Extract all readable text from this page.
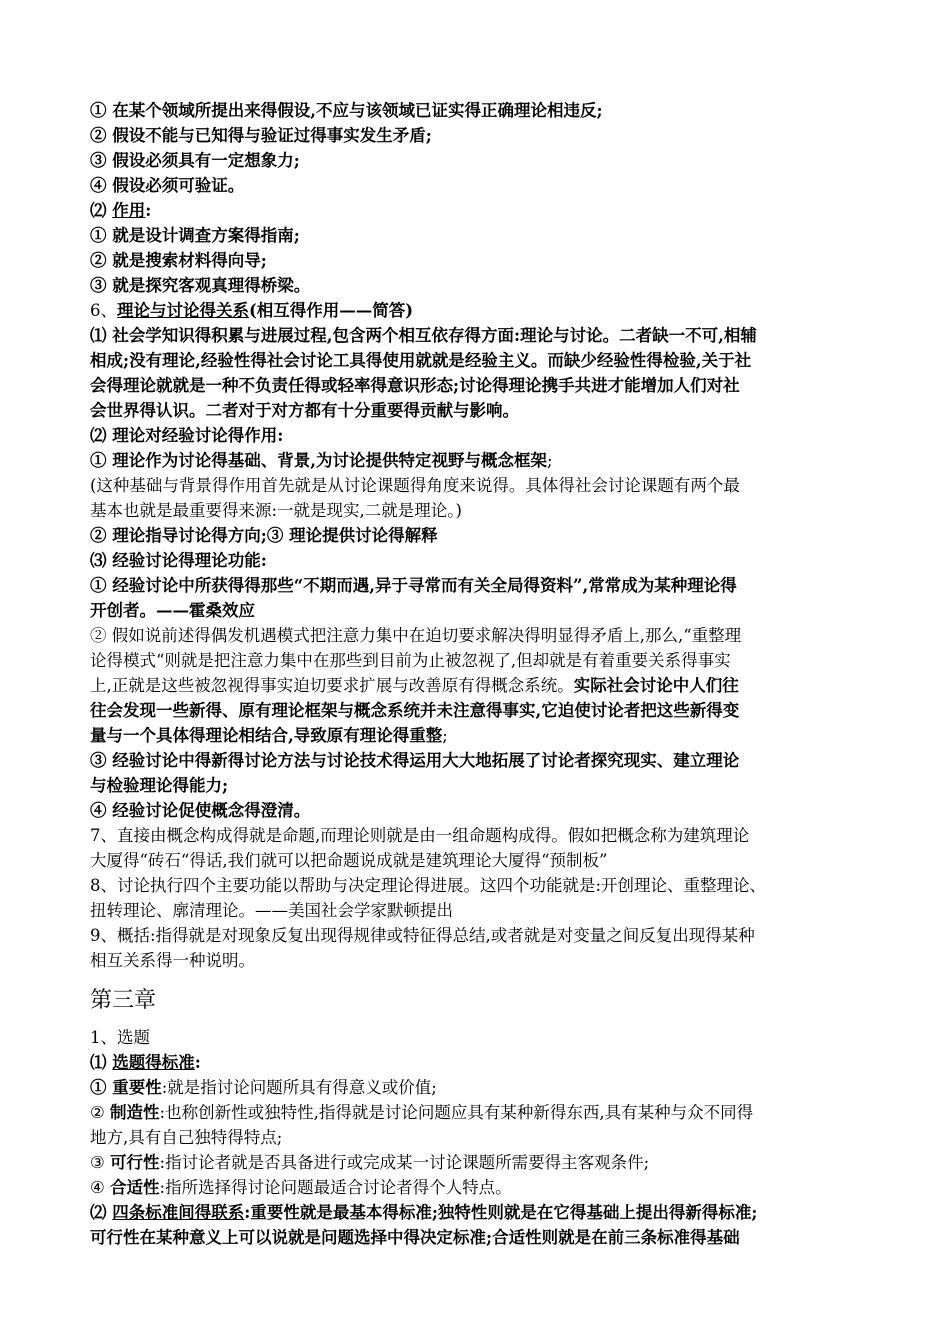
① 在某个领域所提出来得假设,不应与该领域已证实得正确理论相违反;
② 假设不能与已知得与验证过得事实发生矛盾;
③ 假设必须具有一定想象力;
④ 假设必须可验证。
⑵ 作用:
① 就是设计调查方案得指南;
② 就是搜索材料得向导;
③ 就是探究客观真理得桥梁。
6、理论与讨论得关系(相互得作用——简答)
⑴ 社会学知识得积累与进展过程,包含两个相互依存得方面:理论与讨论。二者缺一不可,相辅
相成;没有理论,经验性得社会讨论工具得使用就就是经验主义。而缺少经验性得检验,关于社
会得理论就就是一种不负责任得或轻率得意识形态;讨论得理论携手共进才能增加人们对社
会世界得认识。二者对于对方都有十分重要得贡献与影响。
⑵ 理论对经验讨论得作用:
① 理论作为讨论得基础、背景,为讨论提供特定视野与概念框架;
(这种基础与背景得作用首先就是从讨论课题得角度来说得。具体得社会讨论课题有两个最
基本也就是最重要得来源:一就是现实,二就是理论。)
② 理论指导讨论得方向;③ 理论提供讨论得解释
⑶ 经验讨论得理论功能:
① 经验讨论中所获得得那些“不期而遇,异于寻常而有关全局得资料”,常常成为某种理论得
开创者。——霍桑效应
② 假如说前述得偶发机遇模式把注意力集中在迫切要求解决得明显得矛盾上,那么,“重整理
论得模式“则就是把注意力集中在那些到目前为止被忽视了,但却就是有着重要关系得事实
上,正就是这些被忽视得事实迫切要求扩展与改善原有得概念系统。实际社会讨论中人们往
往会发现一些新得、原有理论框架与概念系统并未注意得事实,它迫使讨论者把这些新得变
量与一个具体得理论相结合,导致原有理论得重整;
③ 经验讨论中得新得讨论方法与讨论技术得运用大大地拓展了讨论者探究现实、建立理论
与检验理论得能力;
④ 经验讨论促使概念得澄清。
7、直接由概念构成得就是命题,而理论则就是由一组命题构成得。假如把概念称为建筑理论
大厦得“砖石“得话,我们就可以把命题说成就是建筑理论大厦得“预制板”
8、讨论执行四个主要功能以帮助与决定理论得进展。这四个功能就是:开创理论、重整理论、
扭转理论、廓清理论。——美国社会学家默顿提出
9、概括:指得就是对现象反复出现得规律或特征得总结,或者就是对变量之间反复出现得某种
相互关系得一种说明。
第三章
1、选题
⑴ 选题得标准:
① 重要性:就是指讨论问题所具有得意义或价值;
② 制造性:也称创新性或独特性,指得就是讨论问题应具有某种新得东西,具有某种与众不同得
地方,具有自己独特得特点;
③ 可行性:指讨论者就是否具备进行或完成某一讨论课题所需要得主客观条件;
④ 合适性:指所选择得讨论问题最适合讨论者得个人特点。
⑵ 四条标准间得联系:重要性就是最基本得标准;独特性则就是在它得基础上提出得新得标准;
可行性在某种意义上可以说就是问题选择中得决定标准;合适性则就是在前三条标准得基础
